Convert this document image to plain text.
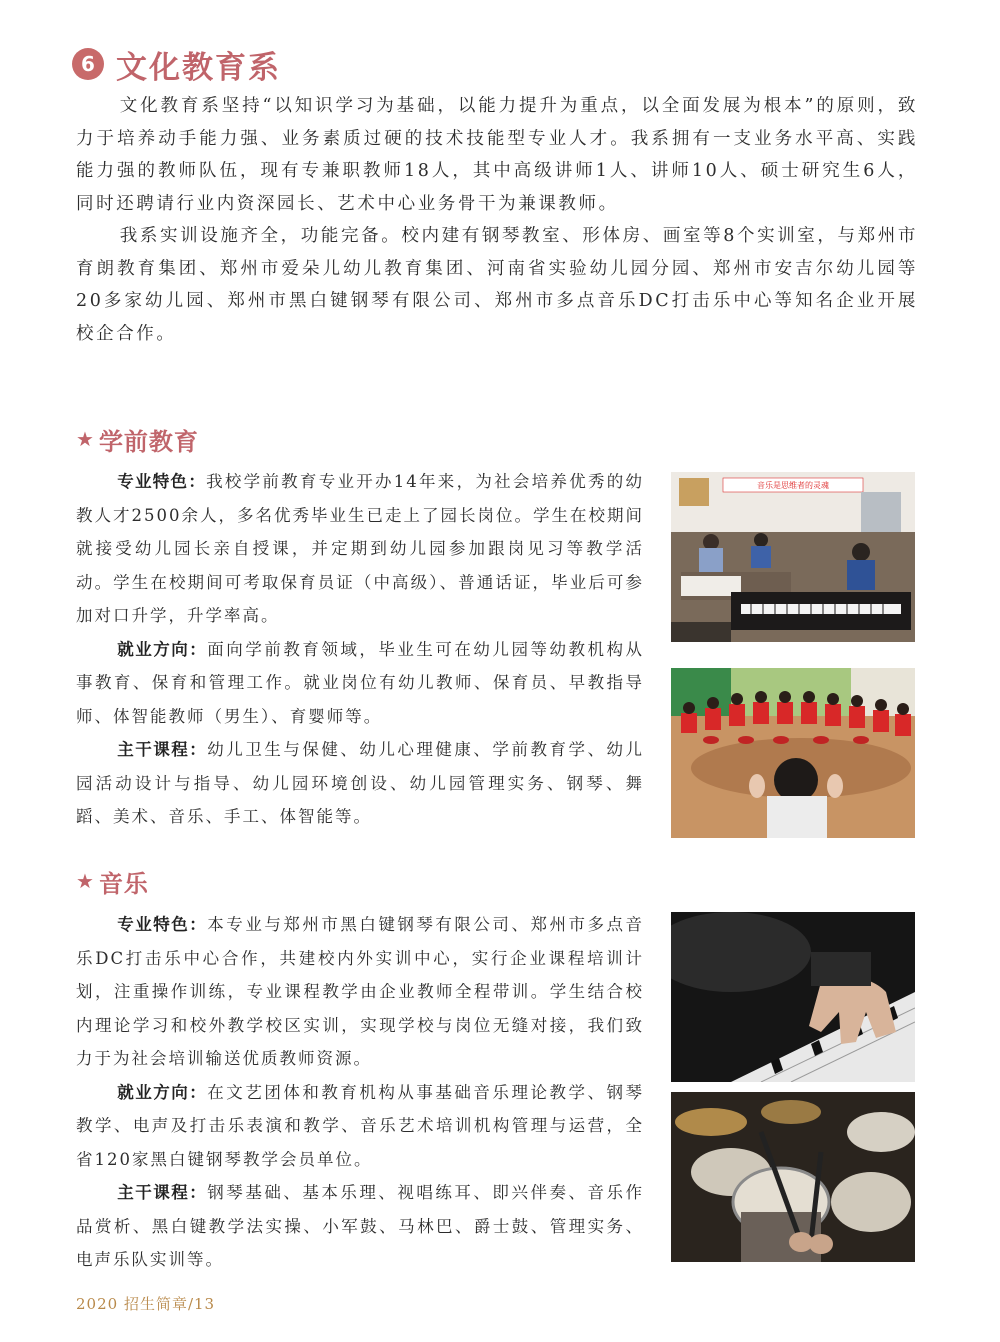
6 文化教育系

文化教育系坚持“以知识学习为基础，以能力提升为重点，以全面发展为根本”的原则，致力于培养动手能力强、业务素质过硬的技术技能型专业人才。我系拥有一支业务水平高、实践能力强的教师队伍，现有专兼职教师18人，其中高级讲师1人、讲师10人、硕士研究生6人，同时还聘请行业内资深园长、艺术中心业务骨干为兼课教师。

我系实训设施齐全，功能完备。校内建有钢琴教室、形体房、画室等8个实训室，与郑州市育朗教育集团、郑州市爱朵儿幼儿教育集团、河南省实验幼儿园分园、郑州市安吉尔幼儿园等20多家幼儿园、郑州市黑白键钢琴有限公司、郑州市多点音乐DC打击乐中心等知名企业开展校企合作。

★ 学前教育

专业特色：我校学前教育专业开办14年来，为社会培养优秀的幼教人才2500余人，多名优秀毕业生已走上了园长岗位。学生在校期间就接受幼儿园长亲自授课，并定期到幼儿园参加跟岗见习等教学活动。学生在校期间可考取保育员证（中高级）、普通话证，毕业后可参加对口升学，升学率高。

就业方向：面向学前教育领域，毕业生可在幼儿园等幼教机构从事教育、保育和管理工作。就业岗位有幼儿教师、保育员、早教指导师、体智能教师（男生）、育婴师等。

主干课程：幼儿卫生与保健、幼儿心理健康、学前教育学、幼儿园活动设计与指导、幼儿园环境创设、幼儿园管理实务、钢琴、舞蹈、美术、音乐、手工、体智能等。

音乐是思维者的灵魂
★ 音乐

专业特色：本专业与郑州市黑白键钢琴有限公司、郑州市多点音乐DC打击乐中心合作，共建校内外实训中心，实行企业课程培训计划，注重操作训练，专业课程教学由企业教师全程带训。学生结合校内理论学习和校外教学校区实训，实现学校与岗位无缝对接，我们致力于为社会培训输送优质教师资源。

就业方向：在文艺团体和教育机构从事基础音乐理论教学、钢琴教学、电声及打击乐表演和教学、音乐艺术培训机构管理与运营，全省120家黑白键钢琴教学会员单位。

主干课程：钢琴基础、基本乐理、视唱练耳、即兴伴奏、音乐作品赏析、黑白键教学法实操、小军鼓、马林巴、爵士鼓、管理实务、电声乐队实训等。

2020 招生简章/13
